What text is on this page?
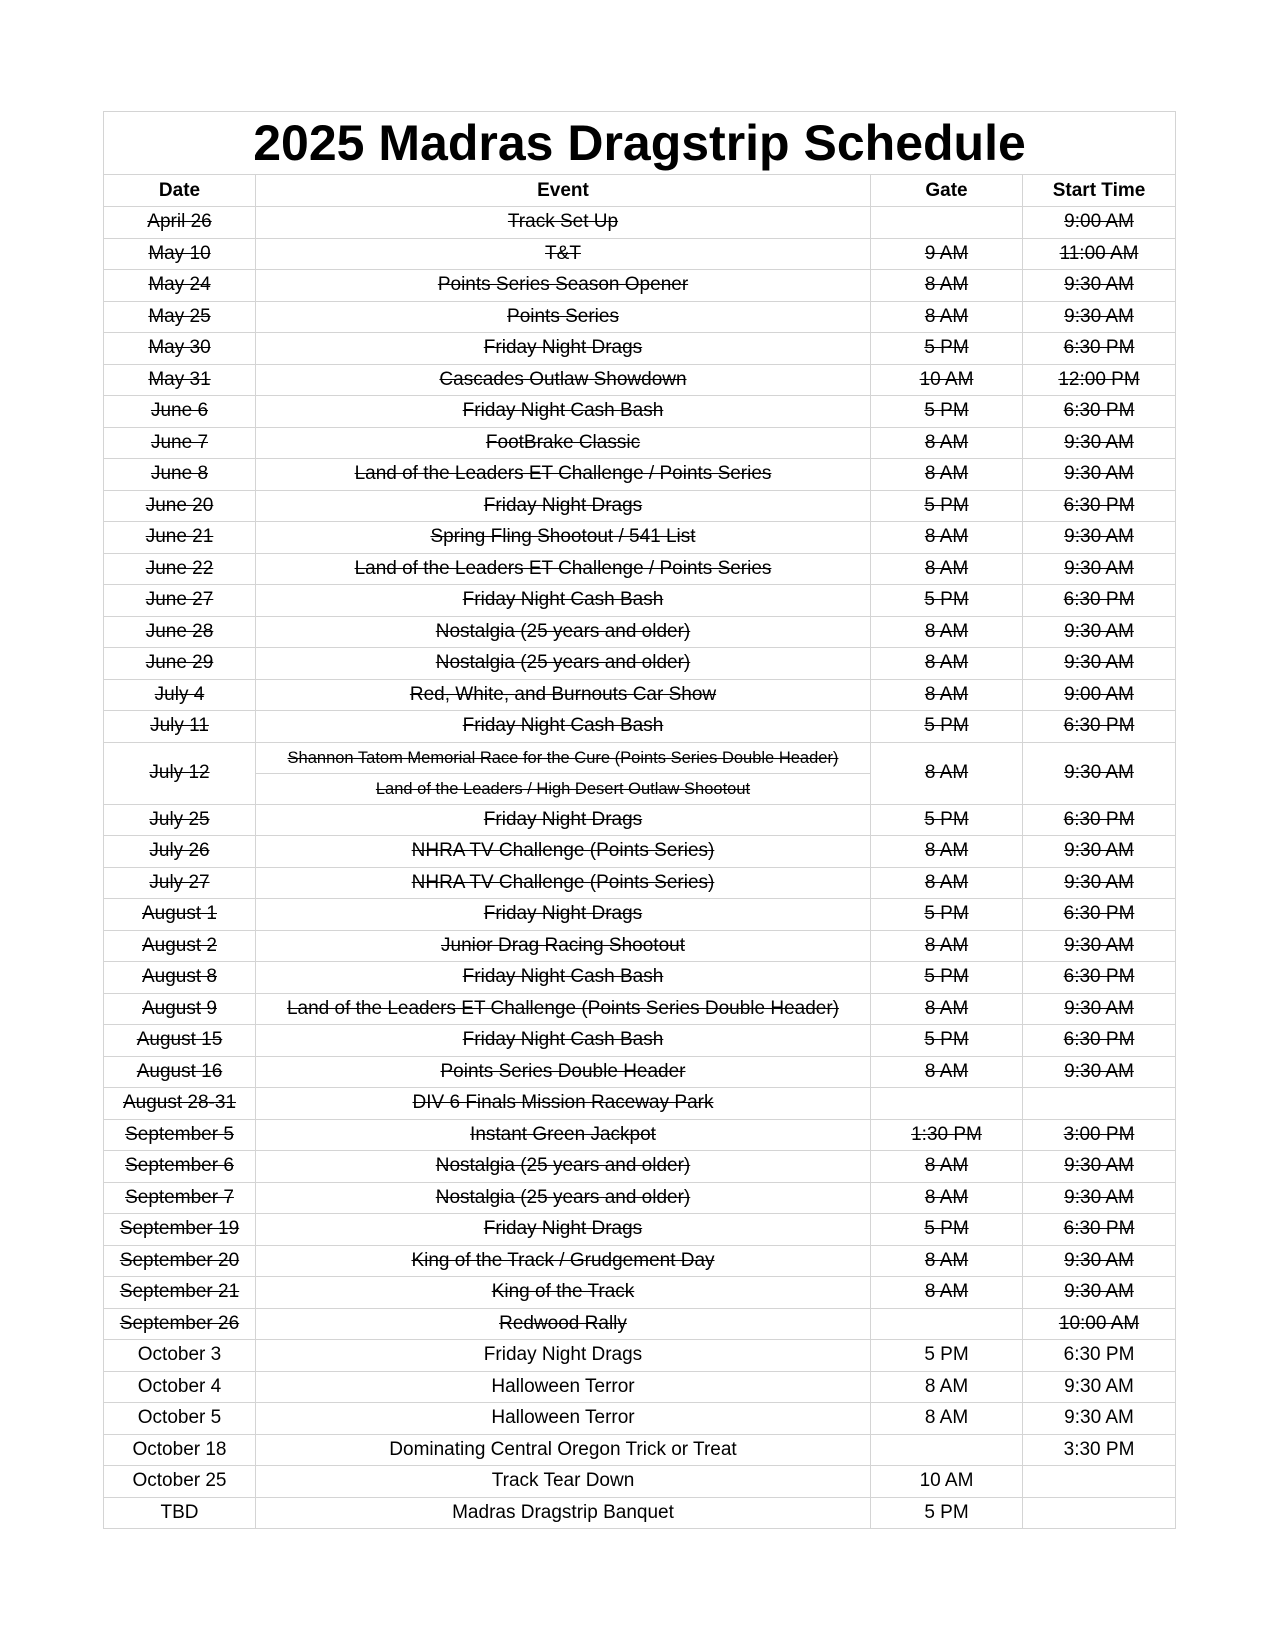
2025 Madras Dragstrip Schedule			
Date	Event	Gate	Start Time
April 26	Track Set Up		9:00 AM
May 10	T&T	9 AM	11:00 AM
May 24	Points Series Season Opener	8 AM	9:30 AM
May 25	Points Series	8 AM	9:30 AM
May 30	Friday Night Drags	5 PM	6:30 PM
May 31	Cascades Outlaw Showdown	10 AM	12:00 PM
June 6	Friday Night Cash Bash	5 PM	6:30 PM
June 7	FootBrake Classic	8 AM	9:30 AM
June 8	Land of the Leaders ET Challenge / Points Series	8 AM	9:30 AM
June 20	Friday Night Drags	5 PM	6:30 PM
June 21	Spring Fling Shootout / 541 List	8 AM	9:30 AM
June 22	Land of the Leaders ET Challenge / Points Series	8 AM	9:30 AM
June 27	Friday Night Cash Bash	5 PM	6:30 PM
June 28	Nostalgia (25 years and older)	8 AM	9:30 AM
June 29	Nostalgia (25 years and older)	8 AM	9:30 AM
July 4	Red, White, and Burnouts Car Show	8 AM	9:00 AM
July 11	Friday Night Cash Bash	5 PM	6:30 PM
July 12	Shannon Tatom Memorial Race for the Cure (Points Series Double Header)	8 AM	9:30 AM
	Land of the Leaders / High Desert Outlaw Shootout		
July 25	Friday Night Drags	5 PM	6:30 PM
July 26	NHRA TV Challenge (Points Series)	8 AM	9:30 AM
July 27	NHRA TV Challenge (Points Series)	8 AM	9:30 AM
August 1	Friday Night Drags	5 PM	6:30 PM
August 2	Junior Drag Racing Shootout	8 AM	9:30 AM
August 8	Friday Night Cash Bash	5 PM	6:30 PM
August 9	Land of the Leaders ET Challenge (Points Series Double Header)	8 AM	9:30 AM
August 15	Friday Night Cash Bash	5 PM	6:30 PM
August 16	Points Series Double Header	8 AM	9:30 AM
August 28-31	DIV 6 Finals Mission Raceway Park		
September 5	Instant Green Jackpot	1:30 PM	3:00 PM
September 6	Nostalgia (25 years and older)	8 AM	9:30 AM
September 7	Nostalgia (25 years and older)	8 AM	9:30 AM
September 19	Friday Night Drags	5 PM	6:30 PM
September 20	King of the Track / Grudgement Day	8 AM	9:30 AM
September 21	King of the Track	8 AM	9:30 AM
September 26	Redwood Rally		10:00 AM
October 3	Friday Night Drags	5 PM	6:30 PM
October 4	Halloween Terror	8 AM	9:30 AM
October 5	Halloween Terror	8 AM	9:30 AM
October 18	Dominating Central Oregon Trick or Treat		3:30 PM
October 25	Track Tear Down	10 AM	
TBD	Madras Dragstrip Banquet	5 PM	
